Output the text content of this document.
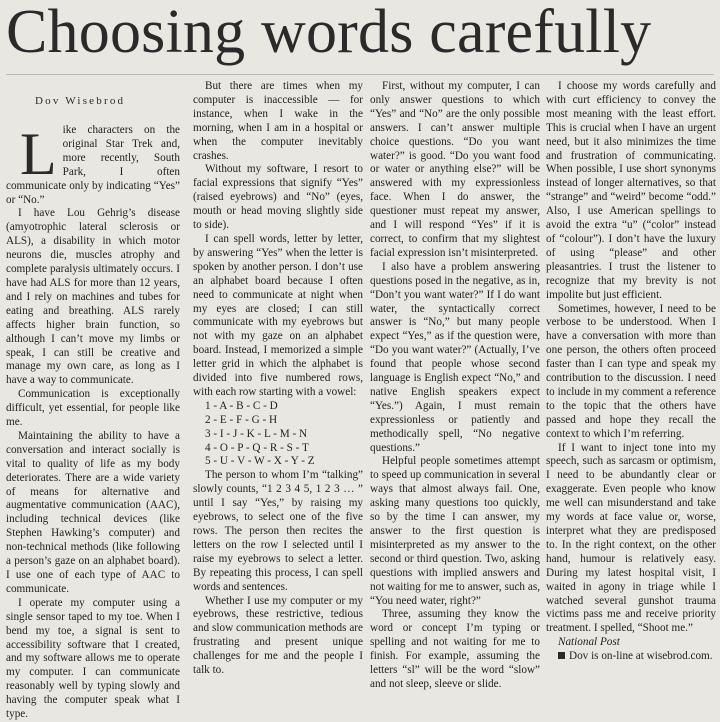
Choosing words carefully
Dov Wisebrod
L ike characters on the original Star Trek and, more recently, South Park, I often communicate only by indicating “Yes” or “No.”

I have Lou Gehrig’s disease (amyotrophic lateral sclerosis or ALS), a disability in which motor neurons die, muscles atrophy and complete paralysis ultimately occurs. I have had ALS for more than 12 years, and I rely on machines and tubes for eating and breathing. ALS rarely affects higher brain function, so although I can’t move my limbs or speak, I can still be creative and manage my own care, as long as I have a way to communicate.

Communication is exceptionally difficult, yet essential, for people like me.

Maintaining the ability to have a conversation and interact socially is vital to quality of life as my body deteriorates. There are a wide variety of means for alternative and augmentative communication (AAC), including technical devices (like Stephen Hawking’s computer) and non-technical methods (like following a person’s gaze on an alphabet board). I use one of each type of AAC to communicate.

I operate my computer using a single sensor taped to my toe. When I bend my toe, a signal is sent to accessibility software that I created, and my software allows me to operate my computer. I can communicate reasonably well by typing slowly and having the computer speak what I type.

But there are times when my computer is inaccessible — for instance, when I wake in the morning, when I am in a hospital or when the computer inevitably crashes.

Without my software, I resort to facial expressions that signify “Yes” (raised eyebrows) and “No” (eyes, mouth or head moving slightly side to side).

I can spell words, letter by letter, by answering “Yes” when the letter is spoken by another person. I don’t use an alphabet board because I often need to communicate at night when my eyes are closed; I can still communicate with my eyebrows but not with my gaze on an alphabet board. Instead, I memorized a simple letter grid in which the alphabet is divided into five numbered rows, with each row starting with a vowel:

1 - A - B - C - D
2 - E - F - G - H
3 - I - J - K - L - M - N
4 - O - P - Q - R - S - T
5 - U - V - W - X - Y - Z

The person to whom I’m “talking” slowly counts, “1 2 3 4 5, 1 2 3 … ” until I say “Yes,” by raising my eyebrows, to select one of the five rows. The person then recites the letters on the row I selected until I raise my eyebrows to select a letter. By repeating this process, I can spell words and sentences.

Whether I use my computer or my eyebrows, these restrictive, tedious and slow communication methods are frustrating and present unique challenges for me and the people I talk to.

First, without my computer, I can only answer questions to which “Yes” and “No” are the only possible answers. I can’t answer multiple choice questions. “Do you want water?” is good. “Do you want food or water or anything else?” will be answered with my expressionless face. When I do answer, the questioner must repeat my answer, and I will respond “Yes” if it is correct, to confirm that my slightest facial expression isn’t misinterpreted.

I also have a problem answering questions posed in the negative, as in, “Don’t you want water?” If I do want water, the syntactically correct answer is “No,” but many people expect “Yes,” as if the question were, “Do you want water?” (Actually, I’ve found that people whose second language is English expect “No,” and native English speakers expect “Yes.”) Again, I must remain expressionless or patiently and methodically spell, “No negative questions.”

Helpful people sometimes attempt to speed up communication in several ways that almost always fail. One, asking many questions too quickly, so by the time I can answer, my answer to the first question is misinterpreted as my answer to the second or third question. Two, asking questions with implied answers and not waiting for me to answer, such as, “You need water, right?”

Three, assuming they know the word or concept I’m typing or spelling and not waiting for me to finish. For example, assuming the letters “sl” will be the word “slow” and not sleep, sleeve or slide.

I choose my words carefully and with curt efficiency to convey the most meaning with the least effort. This is crucial when I have an urgent need, but it also minimizes the time and frustration of communicating. When possible, I use short synonyms instead of longer alternatives, so that “strange” and “weird” become “odd.” Also, I use American spellings to avoid the extra “u” (“color” instead of “colour”). I don’t have the luxury of using “please” and other pleasantries. I trust the listener to recognize that my brevity is not impolite but just efficient.

Sometimes, however, I need to be verbose to be understood. When I have a conversation with more than one person, the others often proceed faster than I can type and speak my contribution to the discussion. I need to include in my comment a reference to the topic that the others have passed and hope they recall the context to which I’m referring.

If I want to inject tone into my speech, such as sarcasm or optimism, I need to be abundantly clear or exaggerate. Even people who know me well can misunderstand and take my words at face value or, worse, interpret what they are predisposed to. In the right context, on the other hand, humour is relatively easy. During my latest hospital visit, I waited in agony in triage while I watched several gunshot trauma victims pass me and receive priority treatment. I spelled, “Shoot me.”

National Post

Dov is on-line at wisebrod.com.
